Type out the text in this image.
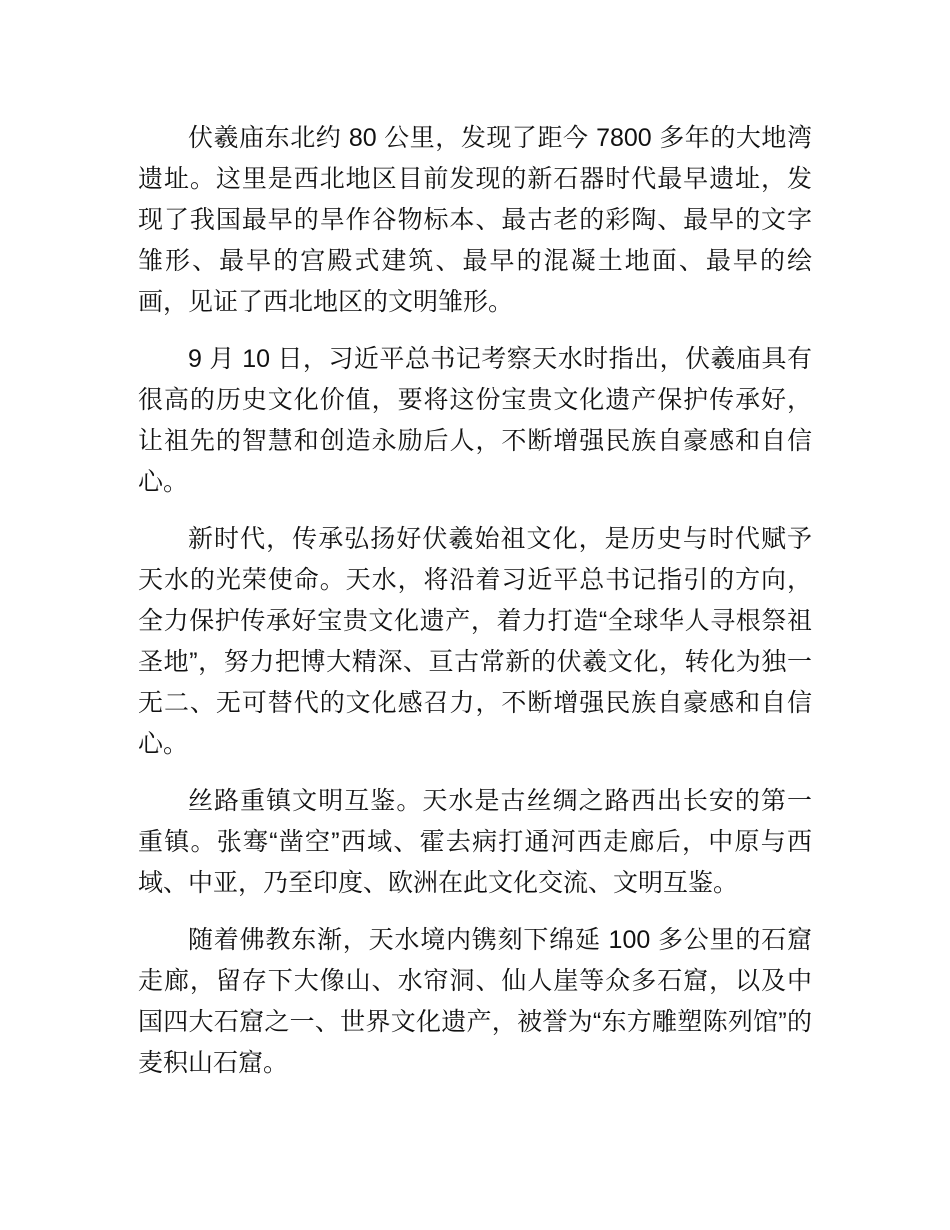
伏羲庙东北约 80 公里，发现了距今 7800 多年的大地湾遗址。这里是西北地区目前发现的新石器时代最早遗址，发现了我国最早的旱作谷物标本、最古老的彩陶、最早的文字雏形、最早的宫殿式建筑、最早的混凝土地面、最早的绘画，见证了西北地区的文明雏形。

9 月 10 日，习近平总书记考察天水时指出，伏羲庙具有很高的历史文化价值，要将这份宝贵文化遗产保护传承好，让祖先的智慧和创造永励后人，不断增强民族自豪感和自信心。

新时代，传承弘扬好伏羲始祖文化，是历史与时代赋予天水的光荣使命。天水，将沿着习近平总书记指引的方向，全力保护传承好宝贵文化遗产，着力打造“全球华人寻根祭祖圣地”，努力把博大精深、亘古常新的伏羲文化，转化为独一无二、无可替代的文化感召力，不断增强民族自豪感和自信心。

丝路重镇文明互鉴。天水是古丝绸之路西出长安的第一重镇。张骞“凿空”西域、霍去病打通河西走廊后，中原与西域、中亚，乃至印度、欧洲在此文化交流、文明互鉴。

随着佛教东渐，天水境内镌刻下绵延 100 多公里的石窟走廊，留存下大像山、水帘洞、仙人崖等众多石窟，以及中国四大石窟之一、世界文化遗产，被誉为“东方雕塑陈列馆”的麦积山石窟。
